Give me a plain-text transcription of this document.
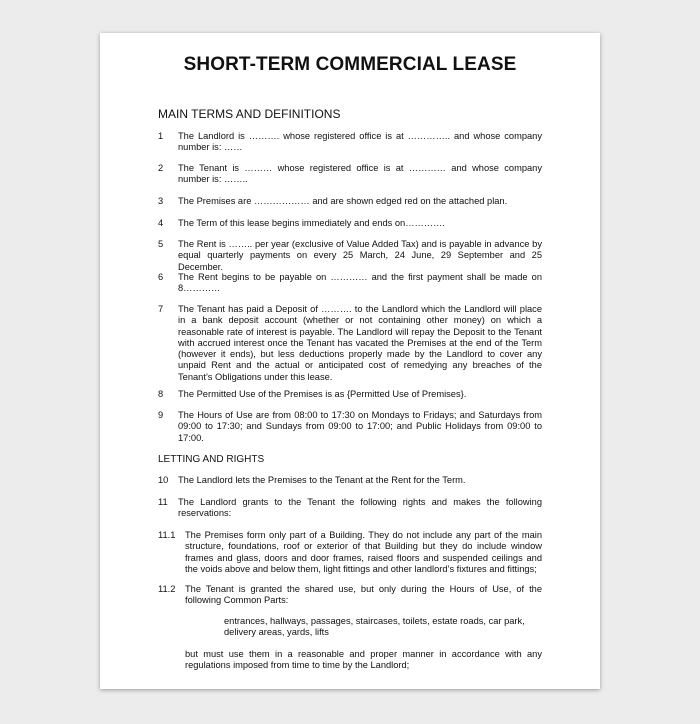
SHORT-TERM COMMERCIAL LEASE
MAIN TERMS AND DEFINITIONS
1 The Landlord is ………. whose registered office is at ………….. and whose company number is: ……
2 The Tenant is ……… whose registered office is at ………… and whose company number is: ……..
3 The Premises are ……………… and are shown edged red on the attached plan.
4 The Term of this lease begins immediately and ends on………….
5 The Rent is …….. per year (exclusive of Value Added Tax) and is payable in advance by equal quarterly payments on every 25 March, 24 June, 29 September and 25 December.
6 The Rent begins to be payable on ………… and the first payment shall be made on 8…………
7 The Tenant has paid a Deposit of ………. to the Landlord which the Landlord will place in a bank deposit account (whether or not containing other money) on which a reasonable rate of interest is payable. The Landlord will repay the Deposit to the Tenant with accrued interest once the Tenant has vacated the Premises at the end of the Term (however it ends), but less deductions properly made by the Landlord to cover any unpaid Rent and the actual or anticipated cost of remedying any breaches of the Tenant’s Obligations under this lease.
8 The Permitted Use of the Premises is as {Permitted Use of Premises}.
9 The Hours of Use are from 08:00 to 17:30 on Mondays to Fridays; and Saturdays from 09:00 to 17:30; and Sundays from 09:00 to 17:00; and Public Holidays from 09:00 to 17:00.
LETTING AND RIGHTS
10 The Landlord lets the Premises to the Tenant at the Rent for the Term.
11 The Landlord grants to the Tenant the following rights and makes the following reservations:
11.1 The Premises form only part of a Building. They do not include any part of the main structure, foundations, roof or exterior of that Building but they do include window frames and glass, doors and door frames, raised floors and suspended ceilings and the voids above and below them, light fittings and other landlord’s fixtures and fittings;
11.2 The Tenant is granted the shared use, but only during the Hours of Use, of the following Common Parts:
entrances, hallways, passages, staircases, toilets, estate roads, car park, delivery areas, yards, lifts
but must use them in a reasonable and proper manner in accordance with any regulations imposed from time to time by the Landlord;
